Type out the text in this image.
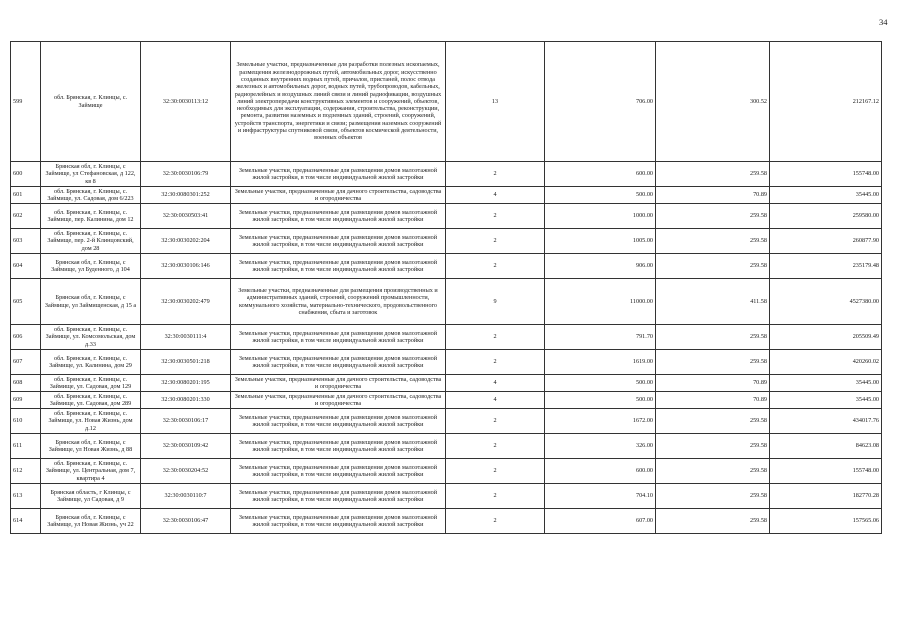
34
599	обл. Брянская, г. Клинцы, с. Займище	32:30:0030113:12	Земельные участки, предназначенные для разработки полезных ископаемых, размещения железнодорожных путей, автомобильных дорог, искусственно созданных внутренних водных путей, причалов, пристаней, полос отвода железных и автомобильных дорог, водных путей, трубопроводов, кабельных, радиорелейных и воздушных линий связи и линий радиофикации, воздушных линий электропередачи конструктивных элементов и сооружений, объектов, необходимых для эксплуатации, содержания, строительства, реконструкции, ремонта, развития наземных и подземных зданий, строений, сооружений, устройств транспорта, энергетики и связи; размещения наземных сооружений и инфраструктуры спутниковой связи, объектов космической деятельности, военных объектов	13	706.00	300.52	212167.12
600	Брянская обл, г. Клинцы, с Займище, ул Стефановская, д 122, кв 8	32:30:0030106:79	Земельные участки, предназначенные для размещения домов малоэтажной жилой застройки, в том числе индивидуальной жилой застройки	2	600.00	259.58	155748.00
601	обл. Брянская, г. Клинцы, с. Займище, ул. Садовая, дом 6/223	32:30:0080301:252	Земельные участки, предназначенные для дачного строительства, садоводства и огородничества	4	500.00	70.89	35445.00
602	обл. Брянская, г. Клинцы, с. Займище, пер. Калинина, дом 12	32:30:0030503:41	Земельные участки, предназначенные для размещения домов малоэтажной жилой застройки, в том числе индивидуальной жилой застройки	2	1000.00	259.58	259580.00
603	обл. Брянская, г. Клинцы, с. Займище, пер. 2-й Клинцовский, дом 28	32:30:0030202:204	Земельные участки, предназначенные для размещения домов малоэтажной жилой застройки, в том числе индивидуальной жилой застройки	2	1005.00	259.58	260877.90
604	Брянская обл, г. Клинцы, с Займище, ул Буденного, д 104	32:30:0030106:146	Земельные участки, предназначенные для размещения домов малоэтажной жилой застройки, в том числе индивидуальной жилой застройки	2	906.00	259.58	235179.48
605	Брянская обл, г. Клинцы, с Займище, ул Займищенская, д 15 а	32:30:0030202:479	Земельные участки, предназначенные для размещения производственных и административных зданий, строений, сооружений промышленности, коммунального хозяйства, материально-технического, продовольственного снабжения, сбыта и заготовок	9	11000.00	411.58	4527380.00
606	обл. Брянская, г. Клинцы, с. Займище, ул. Комсомольская, дом д.33	32:30:0030111:4	Земельные участки, предназначенные для размещения домов малоэтажной жилой застройки, в том числе индивидуальной жилой застройки	2	791.70	259.58	205509.49
607	обл. Брянская, г. Клинцы, с. Займище, ул. Калинина, дом 29	32:30:0030501:218	Земельные участки, предназначенные для размещения домов малоэтажной жилой застройки, в том числе индивидуальной жилой застройки	2	1619.00	259.58	420260.02
608	обл. Брянская, г. Клинцы, с. Займище, ул. Садовая, дом 129	32:30:0080201:195	Земельные участки, предназначенные для дачного строительства, садоводства и огородничества	4	500.00	70.89	35445.00
609	обл. Брянская, г. Клинцы, с. Займище, ул. Садовая, дом 289	32:30:0080201:330	Земельные участки, предназначенные для дачного строительства, садоводства и огородничества	4	500.00	70.89	35445.00
610	обл. Брянская, г. Клинцы, с. Займище, ул. Новая Жизнь, дом д.12	32:30:0030106:17	Земельные участки, предназначенные для размещения домов малоэтажной жилой застройки, в том числе индивидуальной жилой застройки	2	1672.00	259.58	434017.76
611	Брянская обл, г. Клинцы, с Займище, ул Новая Жизнь, д 88	32:30:0030109:42	Земельные участки, предназначенные для размещения домов малоэтажной жилой застройки, в том числе индивидуальной жилой застройки	2	326.00	259.58	84623.08
612	обл. Брянская, г. Клинцы, с. Займище, ул. Центральная, дом 7, квартира 4	32:30:0030204:52	Земельные участки, предназначенные для размещения домов малоэтажной жилой застройки, в том числе индивидуальной жилой застройки	2	600.00	259.58	155748.00
613	Брянская область, г Клинцы, с Займище, ул Садовая, д 9	32:30:0030110:7	Земельные участки, предназначенные для размещения домов малоэтажной жилой застройки, в том числе индивидуальной жилой застройки	2	704.10	259.58	182770.28
614	Брянская обл, г. Клинцы, с Займище, ул Новая Жизнь, уч 22	32:30:0030106:47	Земельные участки, предназначенные для размещения домов малоэтажной жилой застройки, в том числе индивидуальной жилой застройки	2	607.00	259.58	157565.06
